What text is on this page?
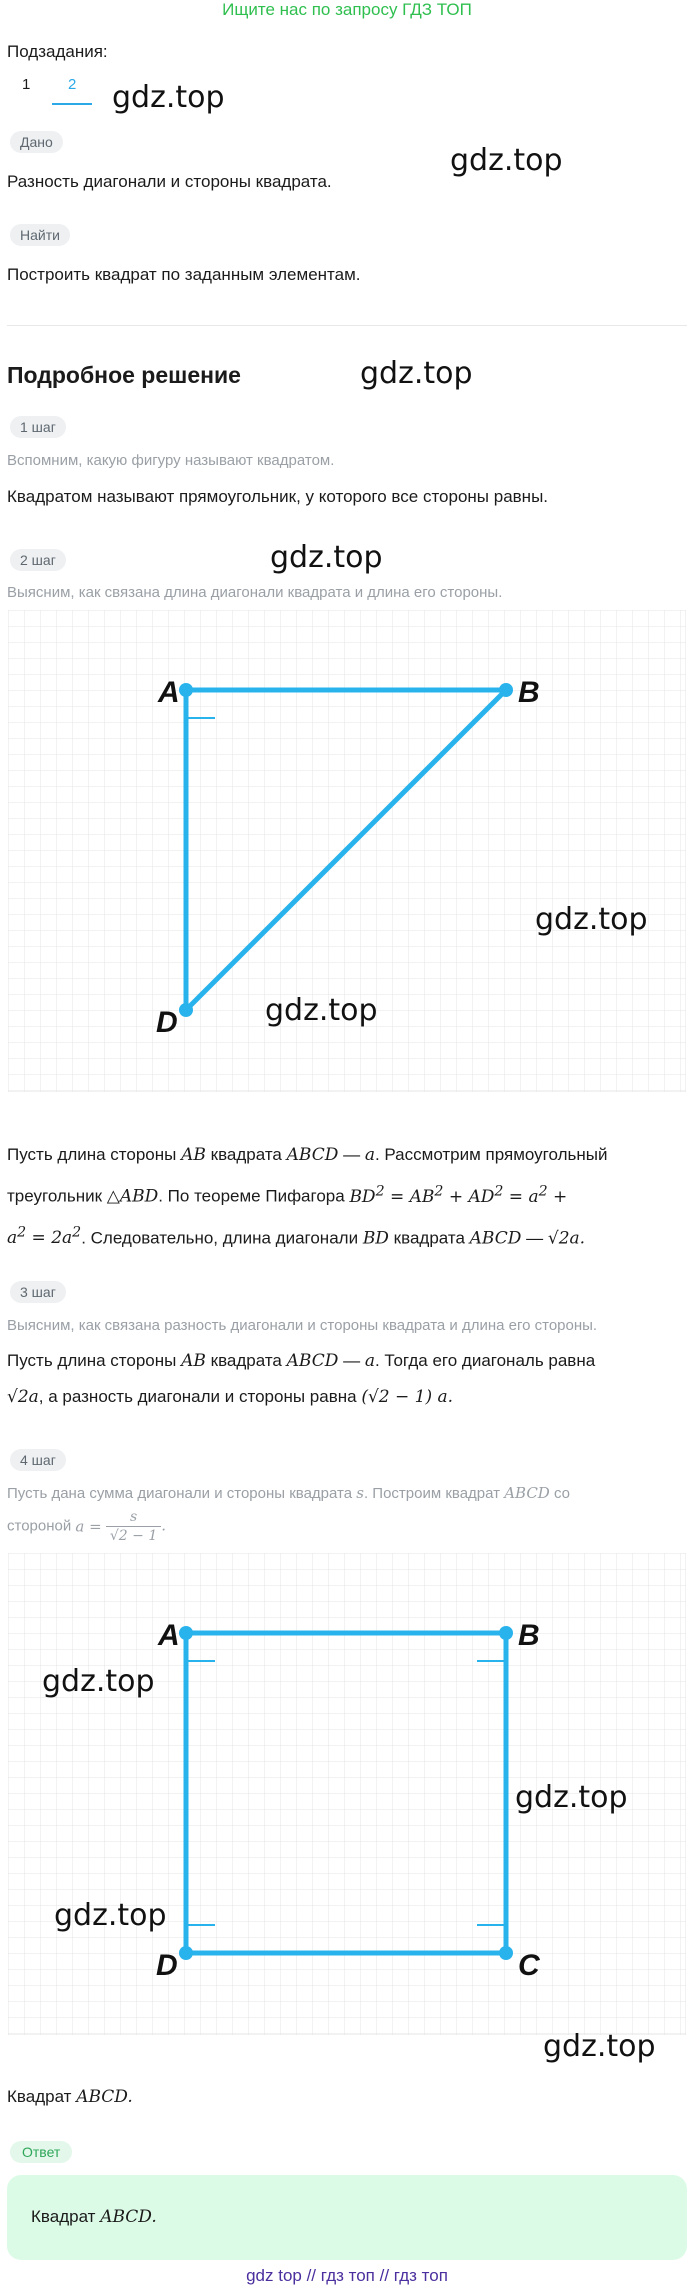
Ищите нас по запросу ГДЗ ТОП
Подзадания:
1	2 gdz.top
Дано
gdz.top
Разность диагонали и стороны квадрата.
Найти
Построить квадрат по заданным элементам.
Подробное решение	gdz.top
1 шаг
Вспомним, какую фигуру называют квадратом.
Квадратом называют прямоугольник, у которого все стороны равны.
2 шаг	gdz.top
Выясним, как связана длина диагонали квадрата и длина его стороны.
A	B
D
gdz.top
gdz.top
Пусть длина стороны AB квадрата ABCD — a. Рассмотрим прямоугольный
треугольник △ABD. По теореме Пифагора $BD^2 = AB^2 + AD^2 = a^2$ +
$a^2 = 2a^2$. Следовательно, длина диагонали BD квадрата ABCD — √2a.
3 шаг
Выясним, как связана разность диагонали и стороны квадрата и длина его стороны.
Пусть длина стороны AB квадрата ABCD — a. Тогда его диагональ равна
√2a, а разность диагонали и стороны равна (√2 − 1) a.
4 шаг
Пусть дана сумма диагонали и стороны квадрата s. Построим квадрат ABCD со
стороной $a = \frac{s}{√2 - 1}$ .
A	B
D	C
gdz.top
gdz.top
gdz.top
gdz.top
Квадрат ABCD.
Ответ
Квадрат ABCD.
gdz top // гдз топ // гдз топ
